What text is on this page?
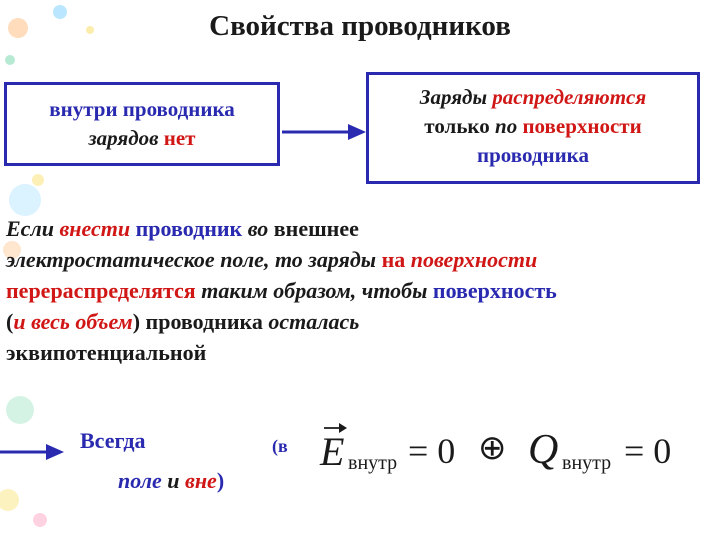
Свойства проводников
внутри проводника
зарядов нет
Заряды распределяются
только по поверхности
проводника
Если внести проводник во внешнее
электростатическое поле, то заряды на поверхности
перераспределятся таким образом, чтобы поверхность
(и весь объем) проводника осталась
эквипотенциальной
Всегда	(в
поле и вне)
E внутр = 0 ⊕ Q внутр = 0
